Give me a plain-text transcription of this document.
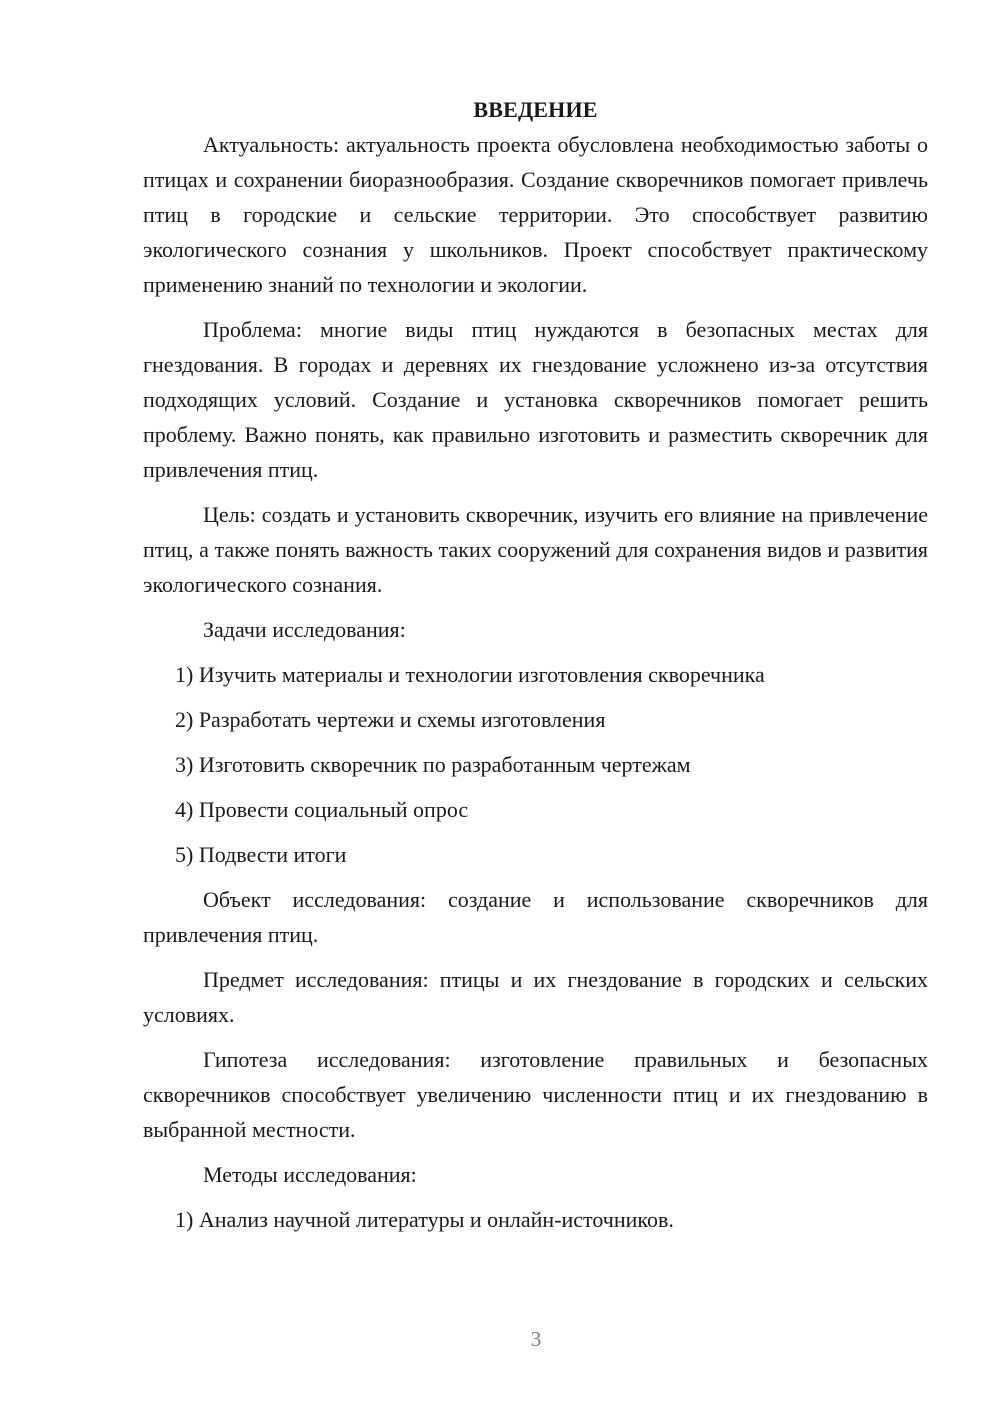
ВВЕДЕНИЕ

Актуальность: актуальность проекта обусловлена необходимостью заботы о птицах и сохранении биоразнообразия. Создание скворечников помогает привлечь птиц в городские и сельские территории. Это способствует развитию экологического сознания у школьников. Проект способствует практическому применению знаний по технологии и экологии.

Проблема: многие виды птиц нуждаются в безопасных местах для гнездования. В городах и деревнях их гнездование усложнено из-за отсутствия подходящих условий. Создание и установка скворечников помогает решить проблему. Важно понять, как правильно изготовить и разместить скворечник для привлечения птиц.

Цель: создать и установить скворечник, изучить его влияние на привлечение птиц, а также понять важность таких сооружений для сохранения видов и развития экологического сознания.

Задачи исследования:

1) Изучить материалы и технологии изготовления скворечника

2) Разработать чертежи и схемы изготовления

3) Изготовить скворечник по разработанным чертежам

4) Провести социальный опрос

5) Подвести итоги

Объект исследования: создание и использование скворечников для привлечения птиц.

Предмет исследования: птицы и их гнездование в городских и сельских условиях.

Гипотеза исследования: изготовление правильных и безопасных скворечников способствует увеличению численности птиц и их гнездованию в выбранной местности.

Методы исследования:

1) Анализ научной литературы и онлайн-источников.

3
